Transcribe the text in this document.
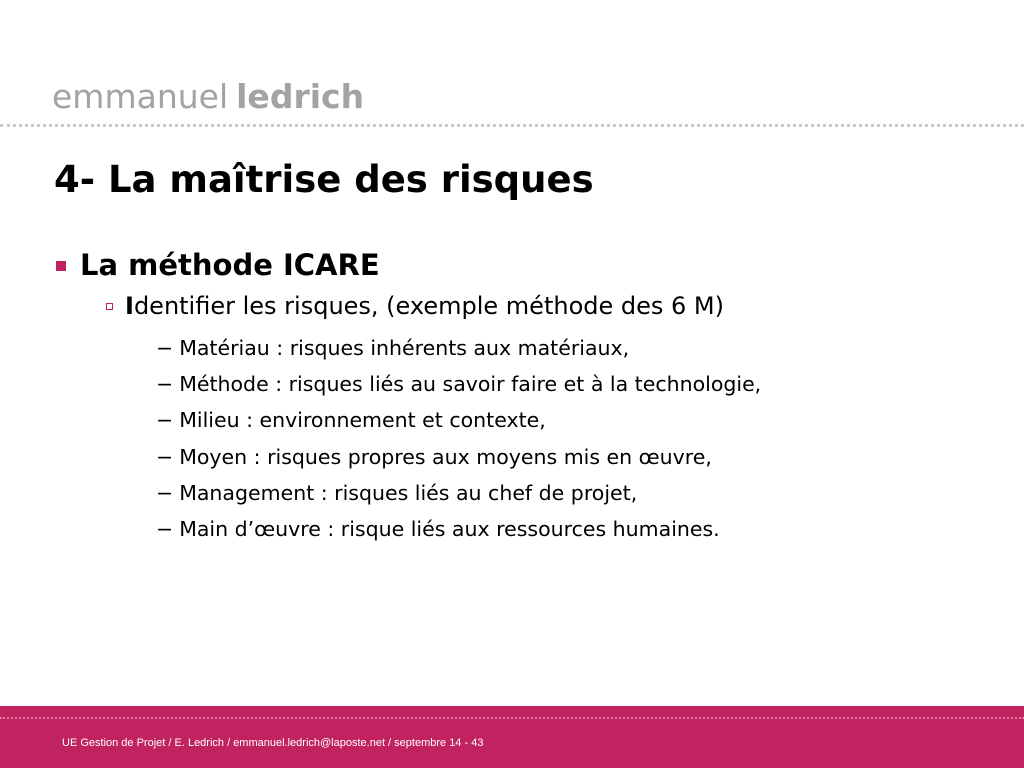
emmanuel ledrich
4- La maîtrise des risques
La méthode ICARE
Identifier les risques, (exemple méthode des 6 M)
− Matériau : risques inhérents aux matériaux,
− Méthode : risques liés au savoir faire et à la technologie,
− Milieu : environnement et contexte,
− Moyen : risques propres aux moyens mis en œuvre,
− Management : risques liés au chef de projet,
− Main d’œuvre : risque liés aux ressources humaines.
UE Gestion de Projet / E. Ledrich / emmanuel.ledrich@laposte.net / septembre 14 - 43
